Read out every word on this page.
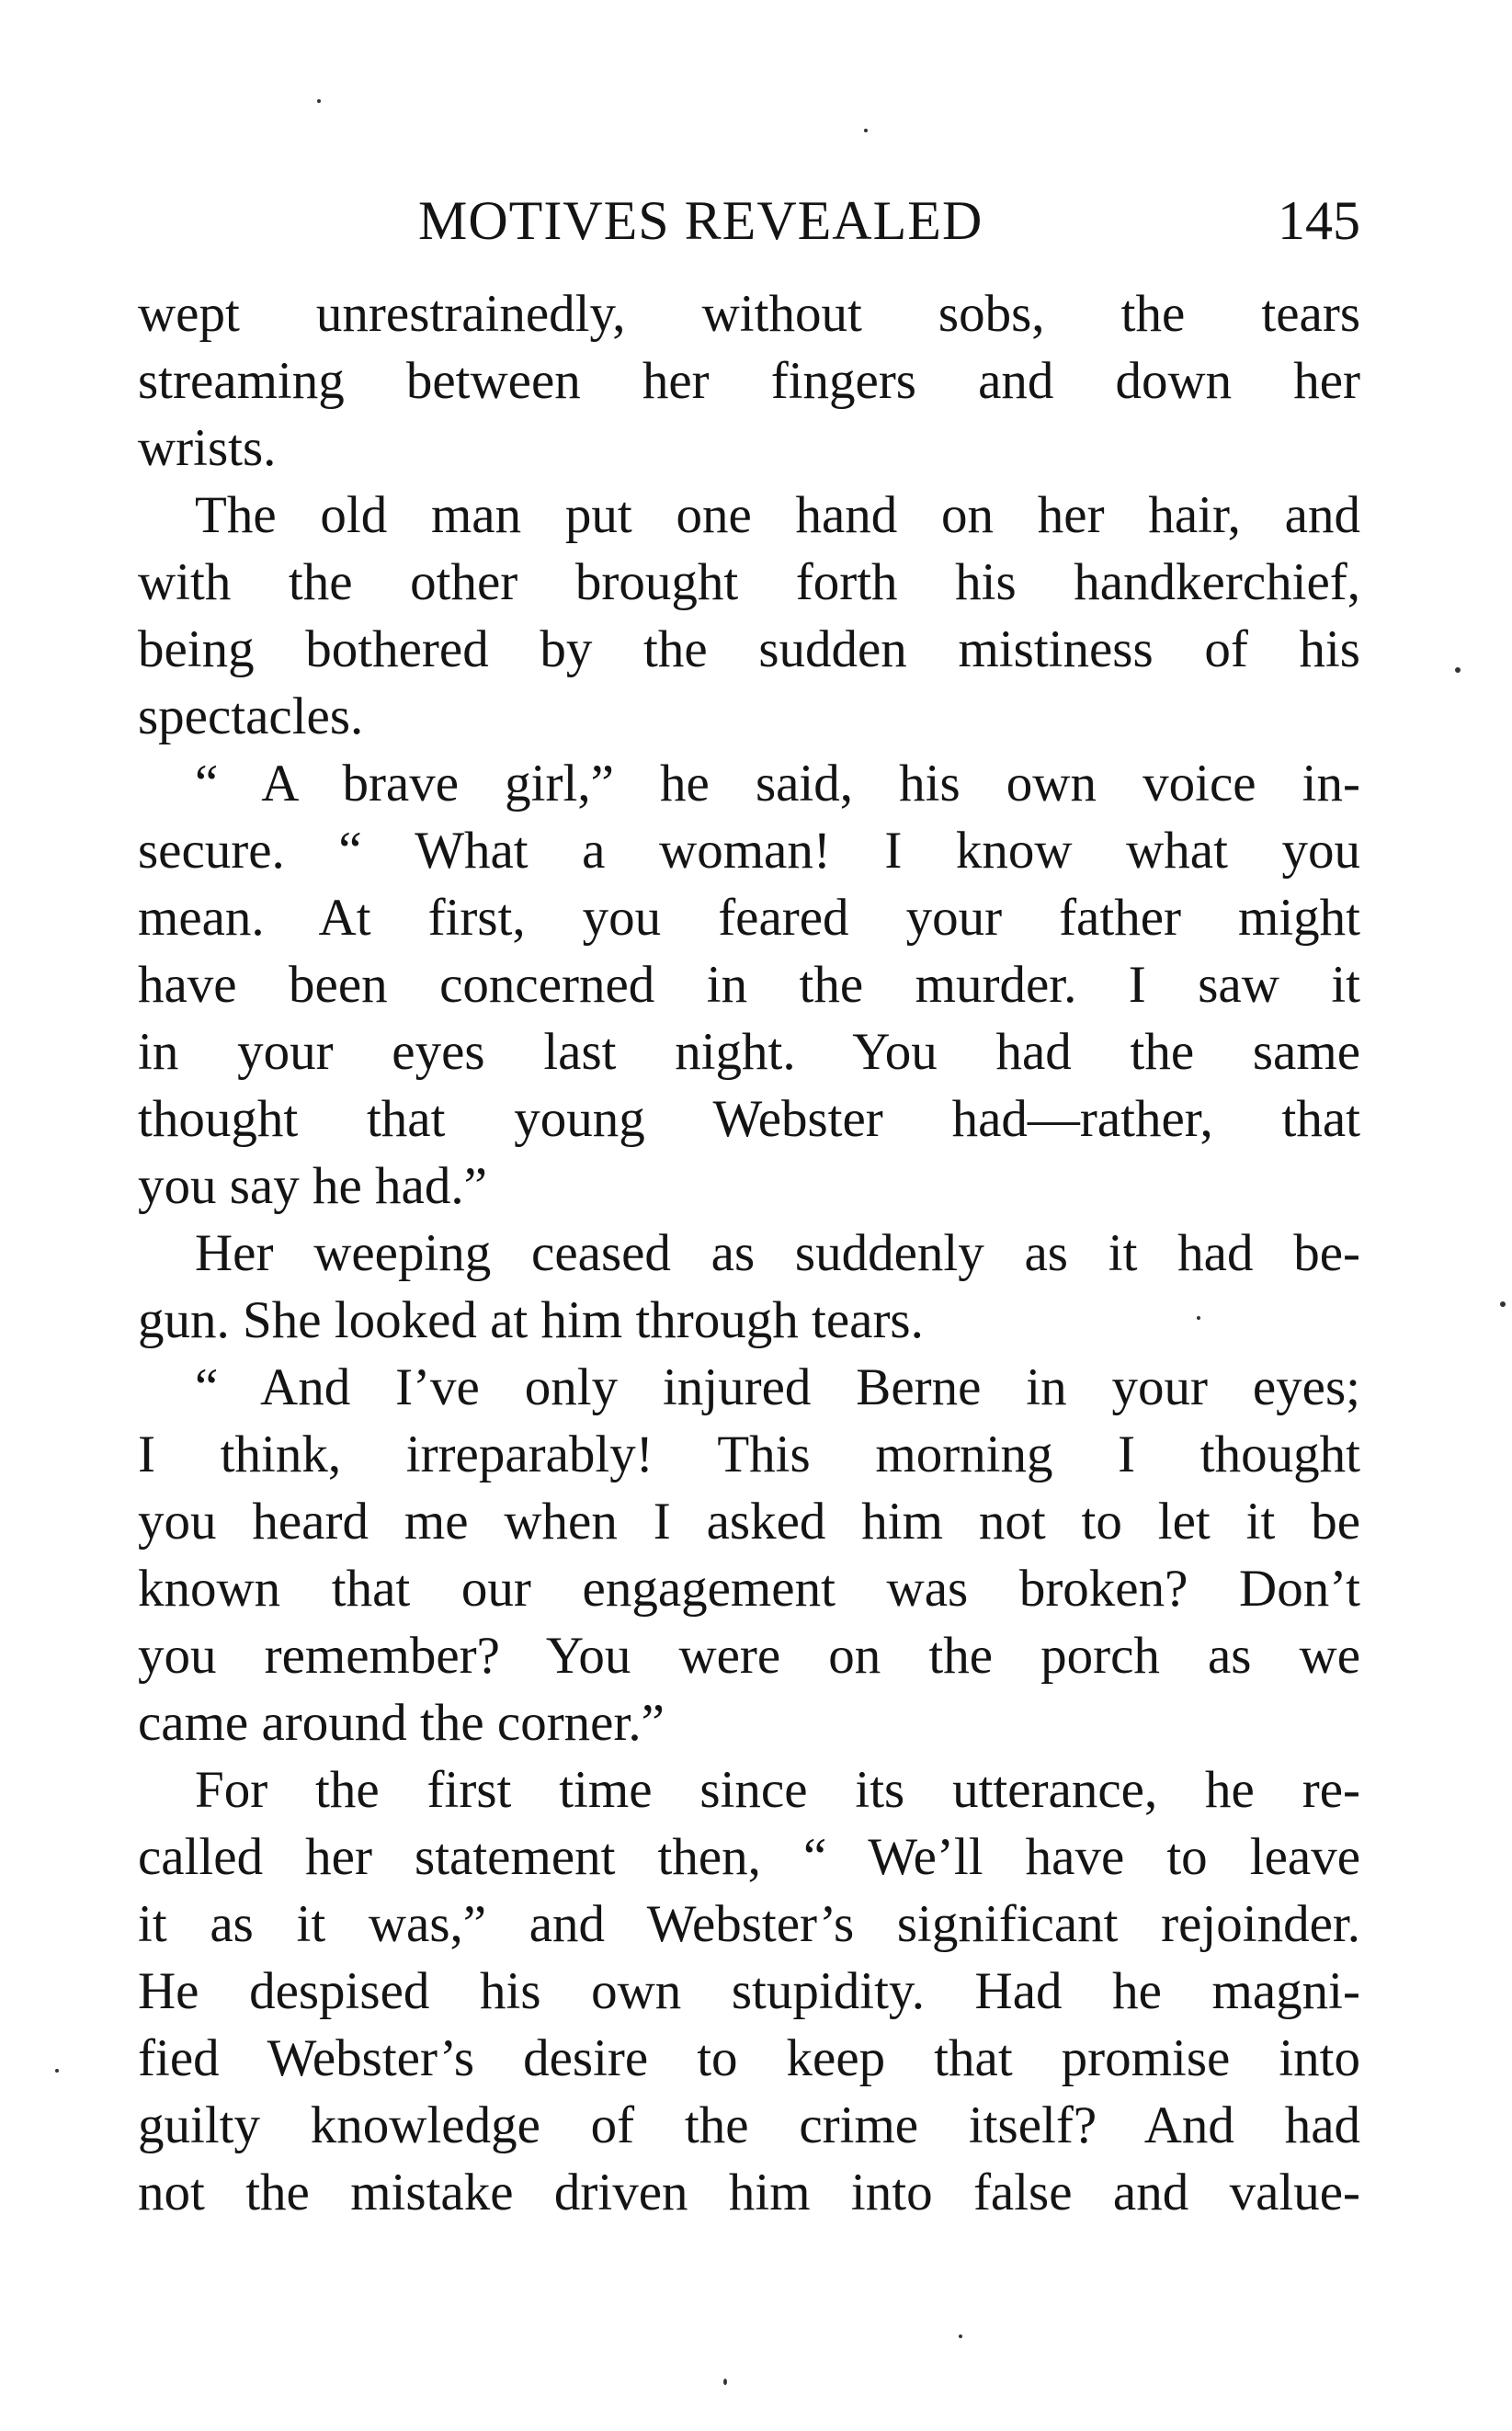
MOTIVES REVEALED	145
wept unrestrainedly, without sobs, the tears
streaming between her fingers and down her
wrists.
The old man put one hand on her hair, and
with the other brought forth his handkerchief,
being bothered by the sudden mistiness of his
spectacles.
“ A brave girl,” he said, his own voice in-
secure. “ What a woman! I know what you
mean. At first, you feared your father might
have been concerned in the murder. I saw it
in your eyes last night. You had the same
thought that young Webster had—rather, that
you say he had.”
Her weeping ceased as suddenly as it had be-
gun. She looked at him through tears.
“ And I’ve only injured Berne in your eyes;
I think, irreparably! This morning I thought
you heard me when I asked him not to let it be
known that our engagement was broken? Don’t
you remember? You were on the porch as we
came around the corner.”
For the first time since its utterance, he re-
called her statement then, “ We’ll have to leave
it as it was,” and Webster’s significant rejoinder.
He despised his own stupidity. Had he magni-
fied Webster’s desire to keep that promise into
guilty knowledge of the crime itself? And had
not the mistake driven him into false and value-
